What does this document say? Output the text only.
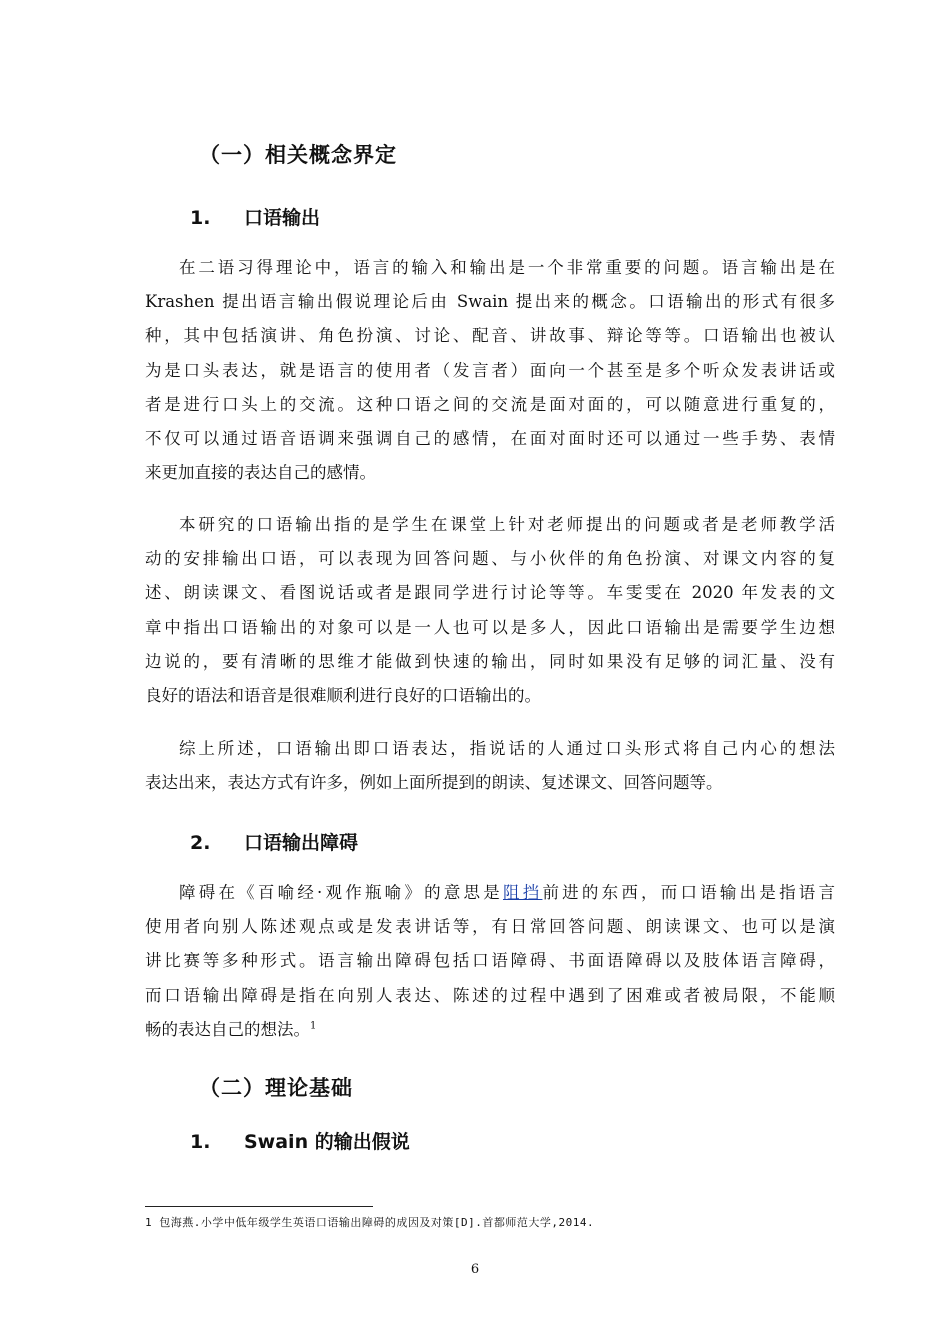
（一）相关概念界定
1. 口语输出
在二语习得理论中，语言的输入和输出是一个非常重要的问题。语言输出是在
Krashen 提出语言输出假说理论后由 Swain 提出来的概念。口语输出的形式有很多
种，其中包括演讲、角色扮演、讨论、配音、讲故事、辩论等等。口语输出也被认
为是口头表达，就是语言的使用者（发言者）面向一个甚至是多个听众发表讲话或
者是进行口头上的交流。这种口语之间的交流是面对面的，可以随意进行重复的，
不仅可以通过语音语调来强调自己的感情，在面对面时还可以通过一些手势、表情
来更加直接的表达自己的感情。
本研究的口语输出指的是学生在课堂上针对老师提出的问题或者是老师教学活
动的安排输出口语，可以表现为回答问题、与小伙伴的角色扮演、对课文内容的复
述、朗读课文、看图说话或者是跟同学进行讨论等等。车雯雯在 2020 年发表的文
章中指出口语输出的对象可以是一人也可以是多人，因此口语输出是需要学生边想
边说的，要有清晰的思维才能做到快速的输出，同时如果没有足够的词汇量、没有
良好的语法和语音是很难顺利进行良好的口语输出的。
综上所述，口语输出即口语表达，指说话的人通过口头形式将自己内心的想法
表达出来，表达方式有许多，例如上面所提到的朗读、复述课文、回答问题等。
2. 口语输出障碍
障碍在《百喻经·观作瓶喻》的意思是阻挡前进的东西，而口语输出是指语言
使用者向别人陈述观点或是发表讲话等，有日常回答问题、朗读课文、也可以是演
讲比赛等多种形式。语言输出障碍包括口语障碍、书面语障碍以及肢体语言障碍，
而口语输出障碍是指在向别人表达、陈述的过程中遇到了困难或者被局限，不能顺
畅的表达自己的想法。$^1$
（二）理论基础
1. Swain 的输出假说
1 包海燕.小学中低年级学生英语口语输出障碍的成因及对策[D].首都师范大学,2014.
6
